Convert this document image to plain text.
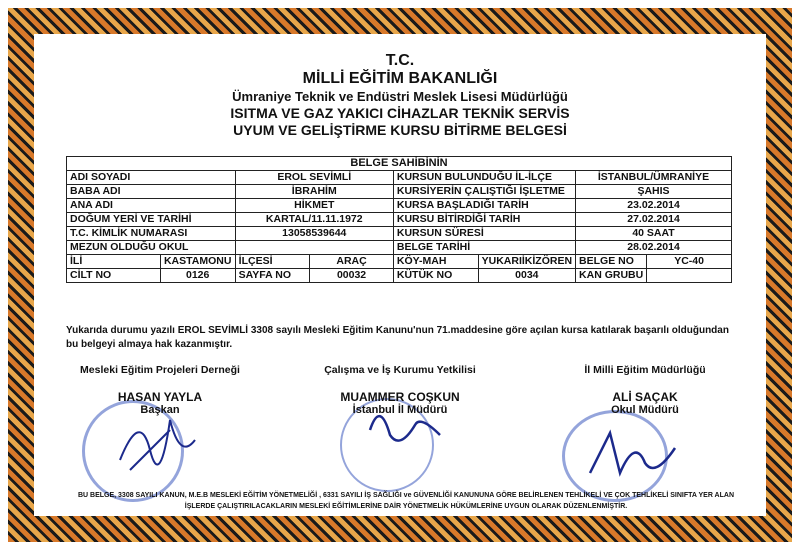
T.C.
MİLLİ EĞİTİM BAKANLIĞI
Ümraniye Teknik ve Endüstri Meslek Lisesi Müdürlüğü
ISITMA VE GAZ YAKICI CİHAZLAR TEKNİK SERVİS
UYUM VE GELİŞTİRME KURSU BİTİRME BELGESİ
BELGE SAHİBİNİN							
ADI SOYADI		EROL SEVİMLİ		KURSUN BULUNDUĞU İL-İLÇE		İSTANBUL/ÜMRANİYE	
BABA ADI		İBRAHİM		KURSİYERİN ÇALIŞTIĞI İŞLETME		ŞAHIS	
ANA ADI		HİKMET		KURSA BAŞLADIĞI TARİH		23.02.2014	
DOĞUM YERİ VE TARİHİ		KARTAL/11.11.1972		KURSU BİTİRDİĞİ TARİH		27.02.2014	
T.C. KİMLİK NUMARASI		13058539644		KURSUN SÜRESİ		40 SAAT	
MEZUN OLDUĞU OKUL				BELGE TARİHİ		28.02.2014	
İLİ	KASTAMONU	İLÇESİ	ARAÇ	KÖY-MAH	YUKARIİKİZÖREN	BELGE NO	YC-40
CİLT NO	0126	SAYFA NO	00032	KÜTÜK NO	0034	KAN GRUBU	
Yukarıda durumu yazılı EROL SEVİMLİ 3308 sayılı Mesleki Eğitim Kanunu'nun 71.maddesine göre açılan kursa katılarak başarılı olduğundan
bu belgeyi almaya hak kazanmıştır.
Mesleki Eğitim Projeleri Derneği
HASAN YAYLA
Başkan
Çalışma ve İş Kurumu Yetkilisi
MUAMMER COŞKUN
İstanbul İl Müdürü
İl Milli Eğitim Müdürlüğü
ALİ SAÇAK
Okul Müdürü
BU BELGE, 3308 SAYILI KANUN, M.E.B MESLEKİ EĞİTİM YÖNETMELİĞİ , 6331 SAYILI İŞ SAĞLIĞI ve GÜVENLİĞİ KANUNUNA GÖRE BELİRLENEN TEHLİKELİ VE ÇOK TEHLİKELİ SINIFTA YER ALAN
İŞLERDE ÇALIŞTIRILACAKLARIN MESLEKİ EĞİTİMLERİNE DAİR YÖNETMELİK HÜKÜMLERİNE UYGUN OLARAK DÜZENLENMİŞTİR.
